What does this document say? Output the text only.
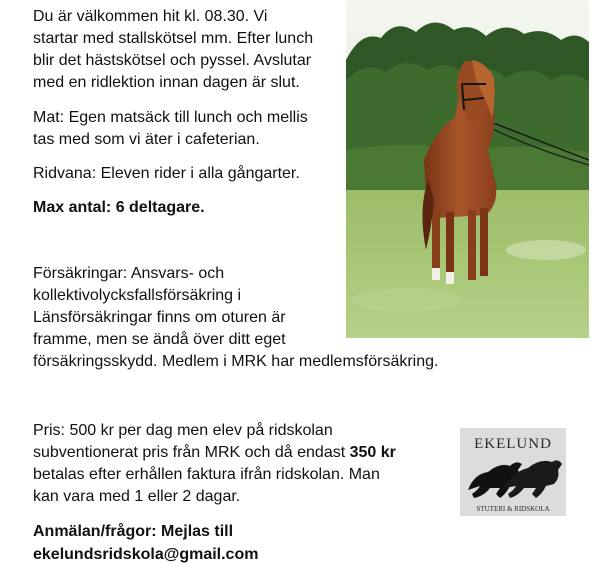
Du är välkommen hit kl. 08.30. Vi

startar med stallskötsel mm. Efter lunch

blir det hästskötsel och pyssel. Avslutar

med en ridlektion innan dagen är slut.

Mat: Egen matsäck till lunch och mellis

tas med som vi äter i cafeterian.

Ridvana: Eleven rider i alla gångarter.

Max antal: 6 deltagare.

Försäkringar: Ansvars- och

kollektivolycksfallsförsäkring i

Länsförsäkringar finns om oturen är

framme, men se ändå över ditt eget

försäkringsskydd. Medlem i MRK har medlemsförsäkring.

Pris: 500 kr per dag men elev på ridskolan

subventionerat pris från MRK och då endast 350 kr

betalas efter erhållen faktura ifrån ridskolan. Man

kan vara med 1 eller 2 dagar.

Anmälan/frågor: Mejlas till

ekelundsridskola@gmail.com

EKELUND
STUTERI & RIDSKOLA
